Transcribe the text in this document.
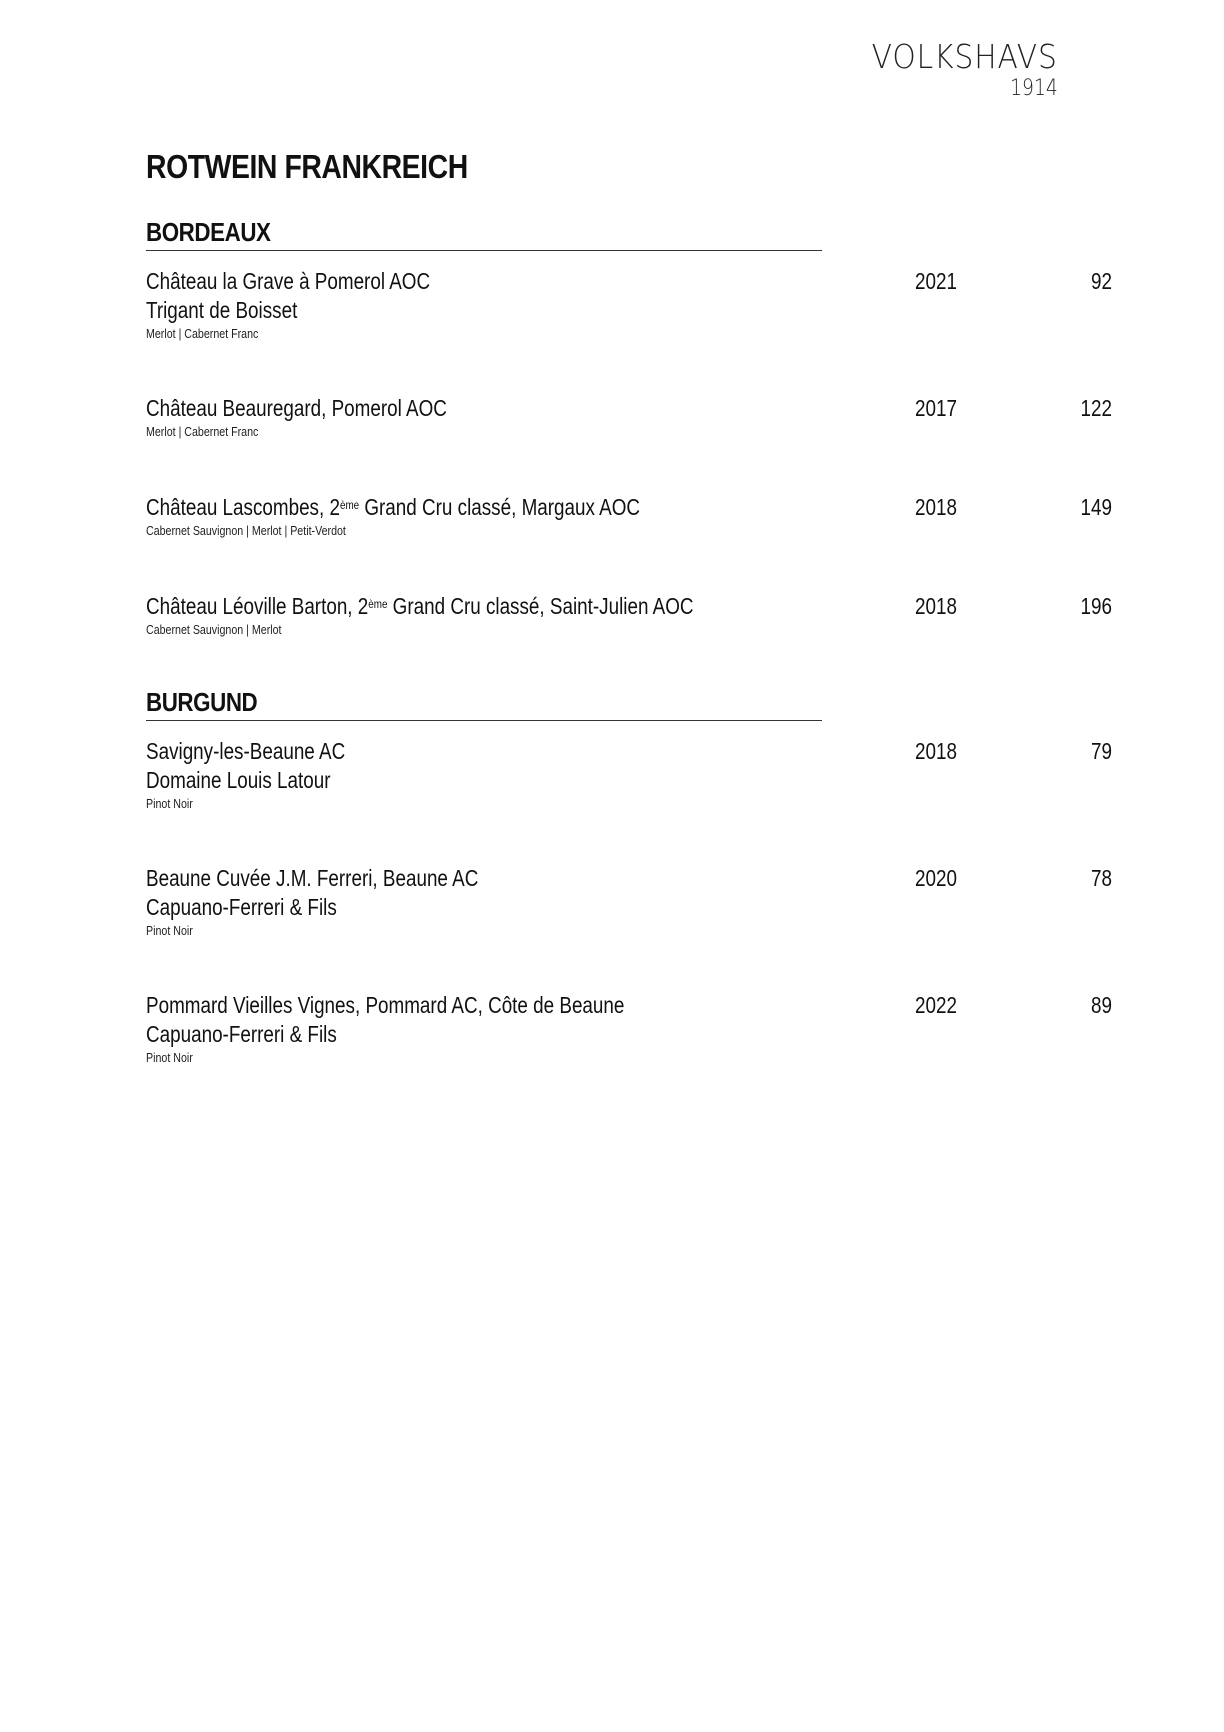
VOLKSHAVS
1914
ROTWEIN FRANKREICH
BORDEAUX
Château la Grave à Pomerol AOC
Trigant de Boisset
Merlot | Cabernet Franc
2021	92
Château Beauregard, Pomerol AOC
Merlot | Cabernet Franc
2017	122
Château Lascombes, 2ème Grand Cru classé, Margaux AOC
Cabernet Sauvignon | Merlot | Petit-Verdot
2018	149
Château Léoville Barton, 2ème Grand Cru classé, Saint-Julien AOC
Cabernet Sauvignon | Merlot
2018	196
BURGUND
Savigny-les-Beaune AC
Domaine Louis Latour
Pinot Noir
2018	79
Beaune Cuvée J.M. Ferreri, Beaune AC
Capuano-Ferreri & Fils
Pinot Noir
2020	78
Pommard Vieilles Vignes, Pommard AC, Côte de Beaune
Capuano-Ferreri & Fils
Pinot Noir
2022	89
